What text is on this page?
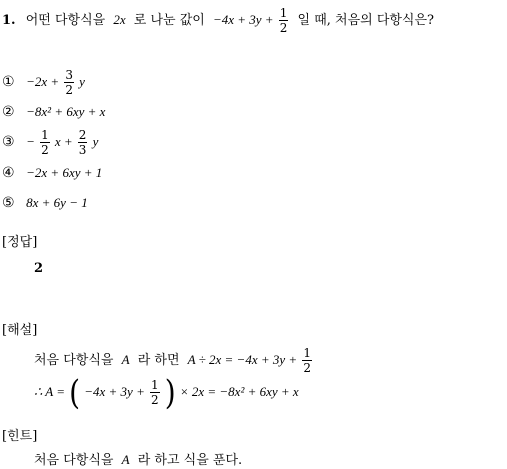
1. 어떤 다항식을 2x 로 나눈 값이 $-4x + 3y + \frac{1}{2}$ 일 때, 처음의 다항식은?
① $-2x + \frac{3}{2}$ y
② −8x² + 6xy + x
③ − $\frac{1}{2}$ $x + \frac{2}{3}$ y
④ −2x + 6xy + 1
⑤ 8x + 6y − 1
[정답]
2
[해설]
처음 다항식을 A 라 하면 $A \div 2x = -4x + 3y + \frac{1}{2}$
∴ A = ( $-4x + 3y + \frac{1}{2}$ ) × 2x = −8x² + 6xy + x
[힌트]
처음 다항식을 A 라 하고 식을 푼다.
